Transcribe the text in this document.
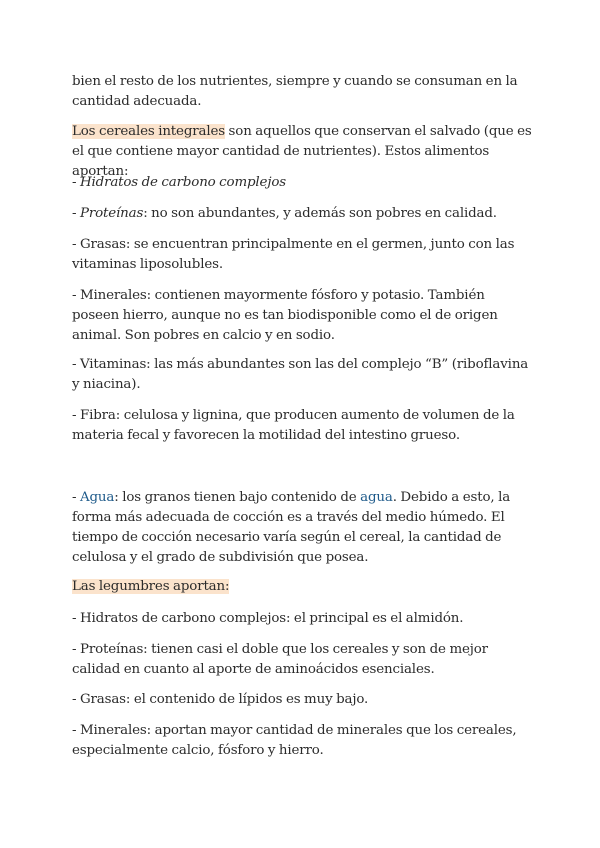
bien el resto de los nutrientes, siempre y cuando se consuman en la cantidad adecuada.

Los cereales integrales son aquellos que conservan el salvado (que es el que contiene mayor cantidad de nutrientes). Estos alimentos aportan:

- Hidratos de carbono complejos

- Proteínas: no son abundantes, y además son pobres en calidad.

- Grasas: se encuentran principalmente en el germen, junto con las vitaminas liposolubles.

- Minerales: contienen mayormente fósforo y potasio. También poseen hierro, aunque no es tan biodisponible como el de origen animal. Son pobres en calcio y en sodio.

- Vitaminas: las más abundantes son las del complejo “B” (riboflavina y niacina).

- Fibra: celulosa y lignina, que producen aumento de volumen de la materia fecal y favorecen la motilidad del intestino grueso.

- Agua: los granos tienen bajo contenido de agua. Debido a esto, la forma más adecuada de cocción es a través del medio húmedo. El tiempo de cocción necesario varía según el cereal, la cantidad de celulosa y el grado de subdivisión que posea.

Las legumbres aportan:

- Hidratos de carbono complejos: el principal es el almidón.

- Proteínas: tienen casi el doble que los cereales y son de mejor calidad en cuanto al aporte de aminoácidos esenciales.

- Grasas: el contenido de lípidos es muy bajo.

- Minerales: aportan mayor cantidad de minerales que los cereales, especialmente calcio, fósforo y hierro.
